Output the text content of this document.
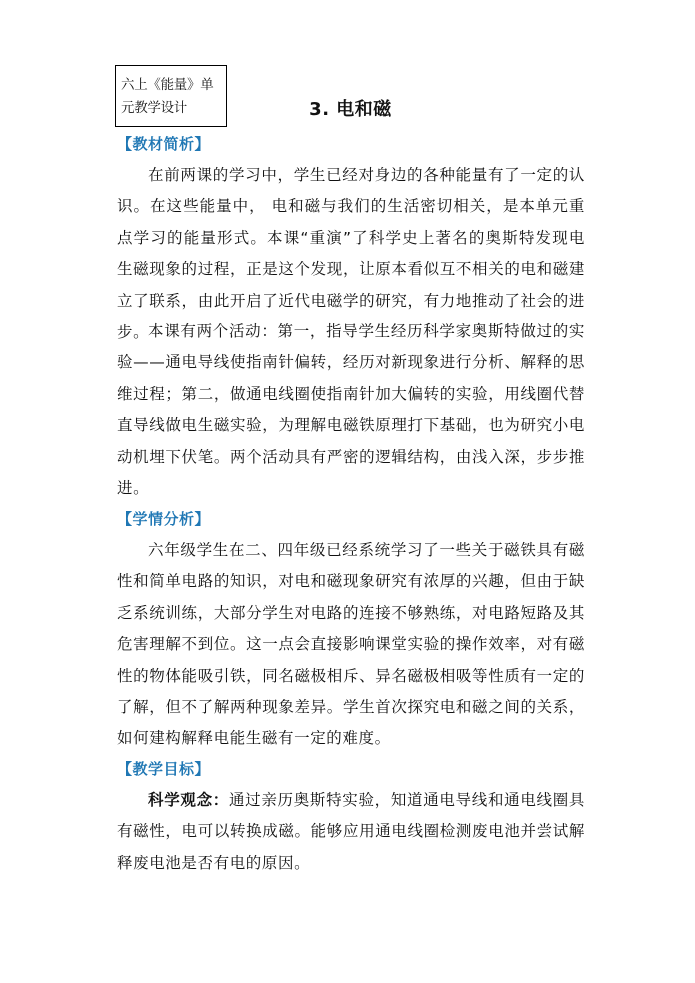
六上《能量》单元教学设计	3. 电和磁
【教材简析】

在前两课的学习中，学生已经对身边的各种能量有了一定的认识。在这些能量中， 电和磁与我们的生活密切相关，是本单元重点学习的能量形式。本课“重演”了科学史上著名的奥斯特发现电生磁现象的过程，正是这个发现，让原本看似互不相关的电和磁建立了联系，由此开启了近代电磁学的研究，有力地推动了社会的进步。

本课有两个活动：第一，指导学生经历科学家奥斯特做过的实验——通电导线使指南针偏转，经历对新现象进行分析、解释的思维过程；第二，做通电线圈使指南针加大偏转的实验，用线圈代替直导线做电生磁实验，为理解电磁铁原理打下基础，也为研究小电动机埋下伏笔。两个活动具有严密的逻辑结构，由浅入深，步步推进。

【学情分析】

六年级学生在二、四年级已经系统学习了一些关于磁铁具有磁性和简单电路的知识，对电和磁现象研究有浓厚的兴趣，但由于缺乏系统训练，大部分学生对电路的连接不够熟练，对电路短路及其危害理解不到位。这一点会直接影响课堂实验的操作效率，对有磁性的物体能吸引铁，同名磁极相斥、异名磁极相吸等性质有一定的了解，但不了解两种现象差异。学生首次探究电和磁之间的关系，如何建构解释电能生磁有一定的难度。

【教学目标】

科学观念：通过亲历奥斯特实验，知道通电导线和通电线圈具有磁性，电可以转换成磁。能够应用通电线圈检测废电池并尝试解释废电池是否有电的原因。
